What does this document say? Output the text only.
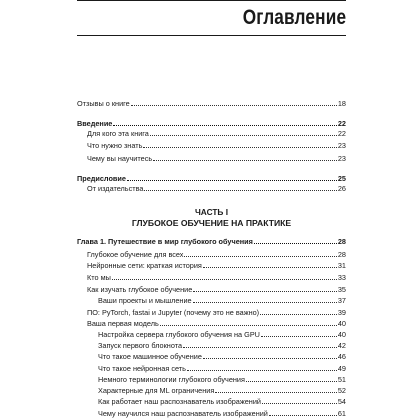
Оглавление
ЧАСТЬ I
ГЛУБОКОЕ ОБУЧЕНИЕ НА ПРАКТИКЕ
Отзывы о книге	18
Введение	22
Для кого эта книга	22
Что нужно знать	23
Чему вы научитесь	23
Предисловие	25
От издательства	26
Глава 1. Путешествие в мир глубокого обучения	28
Глубокое обучение для всех	28
Нейронные сети: краткая история	31
Кто мы	33
Как изучать глубокое обучение	35
Ваши проекты и мышление	37
ПО: PyTorch, fastai и Jupyter (почему это не важно)	39
Ваша первая модель	40
Настройка сервера глубокого обучения на GPU	40
Запуск первого блокнота	42
Что такое машинное обучение	46
Что такое нейронная сеть	49
Немного терминологии глубокого обучения	51
Характерные для ML ограничения	52
Как работает наш распознаватель изображений	54
Чему научился наш распознаватель изображений	61
